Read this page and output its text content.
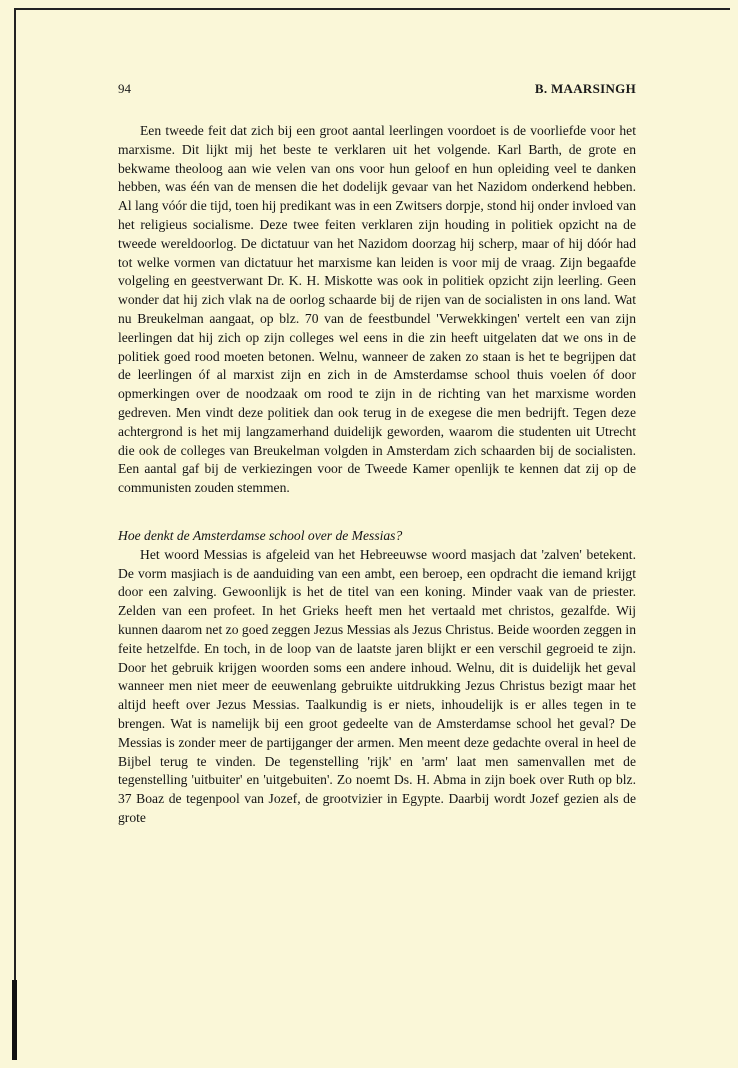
94	B. MAARSINGH

Een tweede feit dat zich bij een groot aantal leerlingen voordoet is de voorliefde voor het marxisme. Dit lijkt mij het beste te verklaren uit het volgende. Karl Barth, de grote en bekwame theoloog aan wie velen van ons voor hun geloof en hun opleiding veel te danken hebben, was één van de mensen die het dodelijk gevaar van het Nazidom onderkend hebben. Al lang vóór die tijd, toen hij predikant was in een Zwitsers dorpje, stond hij onder invloed van het religieus socialisme. Deze twee feiten verklaren zijn houding in politiek opzicht na de tweede wereldoorlog. De dictatuur van het Nazidom doorzag hij scherp, maar of hij dóór had tot welke vormen van dictatuur het marxisme kan leiden is voor mij de vraag. Zijn begaafde volgeling en geestverwant Dr. K. H. Miskotte was ook in politiek opzicht zijn leerling. Geen wonder dat hij zich vlak na de oorlog schaarde bij de rijen van de socialisten in ons land. Wat nu Breukelman aangaat, op blz. 70 van de feestbundel 'Verwekkingen' vertelt een van zijn leerlingen dat hij zich op zijn colleges wel eens in die zin heeft uitgelaten dat we ons in de politiek goed rood moeten betonen. Welnu, wanneer de zaken zo staan is het te begrijpen dat de leerlingen óf al marxist zijn en zich in de Amsterdamse school thuis voelen óf door opmerkingen over de noodzaak om rood te zijn in de richting van het marxisme worden gedreven. Men vindt deze politiek dan ook terug in de exegese die men bedrijft. Tegen deze achtergrond is het mij langzamerhand duidelijk geworden, waarom die studenten uit Utrecht die ook de colleges van Breukelman volgden in Amsterdam zich schaarden bij de socialisten. Een aantal gaf bij de verkiezingen voor de Tweede Kamer openlijk te kennen dat zij op de communisten zouden stemmen.

Hoe denkt de Amsterdamse school over de Messias?

Het woord Messias is afgeleid van het Hebreeuwse woord masjach dat 'zalven' betekent. De vorm masjiach is de aanduiding van een ambt, een beroep, een opdracht die iemand krijgt door een zalving. Gewoonlijk is het de titel van een koning. Minder vaak van de priester. Zelden van een profeet. In het Grieks heeft men het vertaald met christos, gezalfde. Wij kunnen daarom net zo goed zeggen Jezus Messias als Jezus Christus. Beide woorden zeggen in feite hetzelfde. En toch, in de loop van de laatste jaren blijkt er een verschil gegroeid te zijn. Door het gebruik krijgen woorden soms een andere inhoud. Welnu, dit is duidelijk het geval wanneer men niet meer de eeuwenlang gebruikte uitdrukking Jezus Christus bezigt maar het altijd heeft over Jezus Messias. Taalkundig is er niets, inhoudelijk is er alles tegen in te brengen. Wat is namelijk bij een groot gedeelte van de Amsterdamse school het geval? De Messias is zonder meer de partijganger der armen. Men meent deze gedachte overal in heel de Bijbel terug te vinden. De tegenstelling 'rijk' en 'arm' laat men samenvallen met de tegenstelling 'uitbuiter' en 'uitgebuiten'. Zo noemt Ds. H. Abma in zijn boek over Ruth op blz. 37 Boaz de tegenpool van Jozef, de grootvizier in Egypte. Daarbij wordt Jozef gezien als de grote
